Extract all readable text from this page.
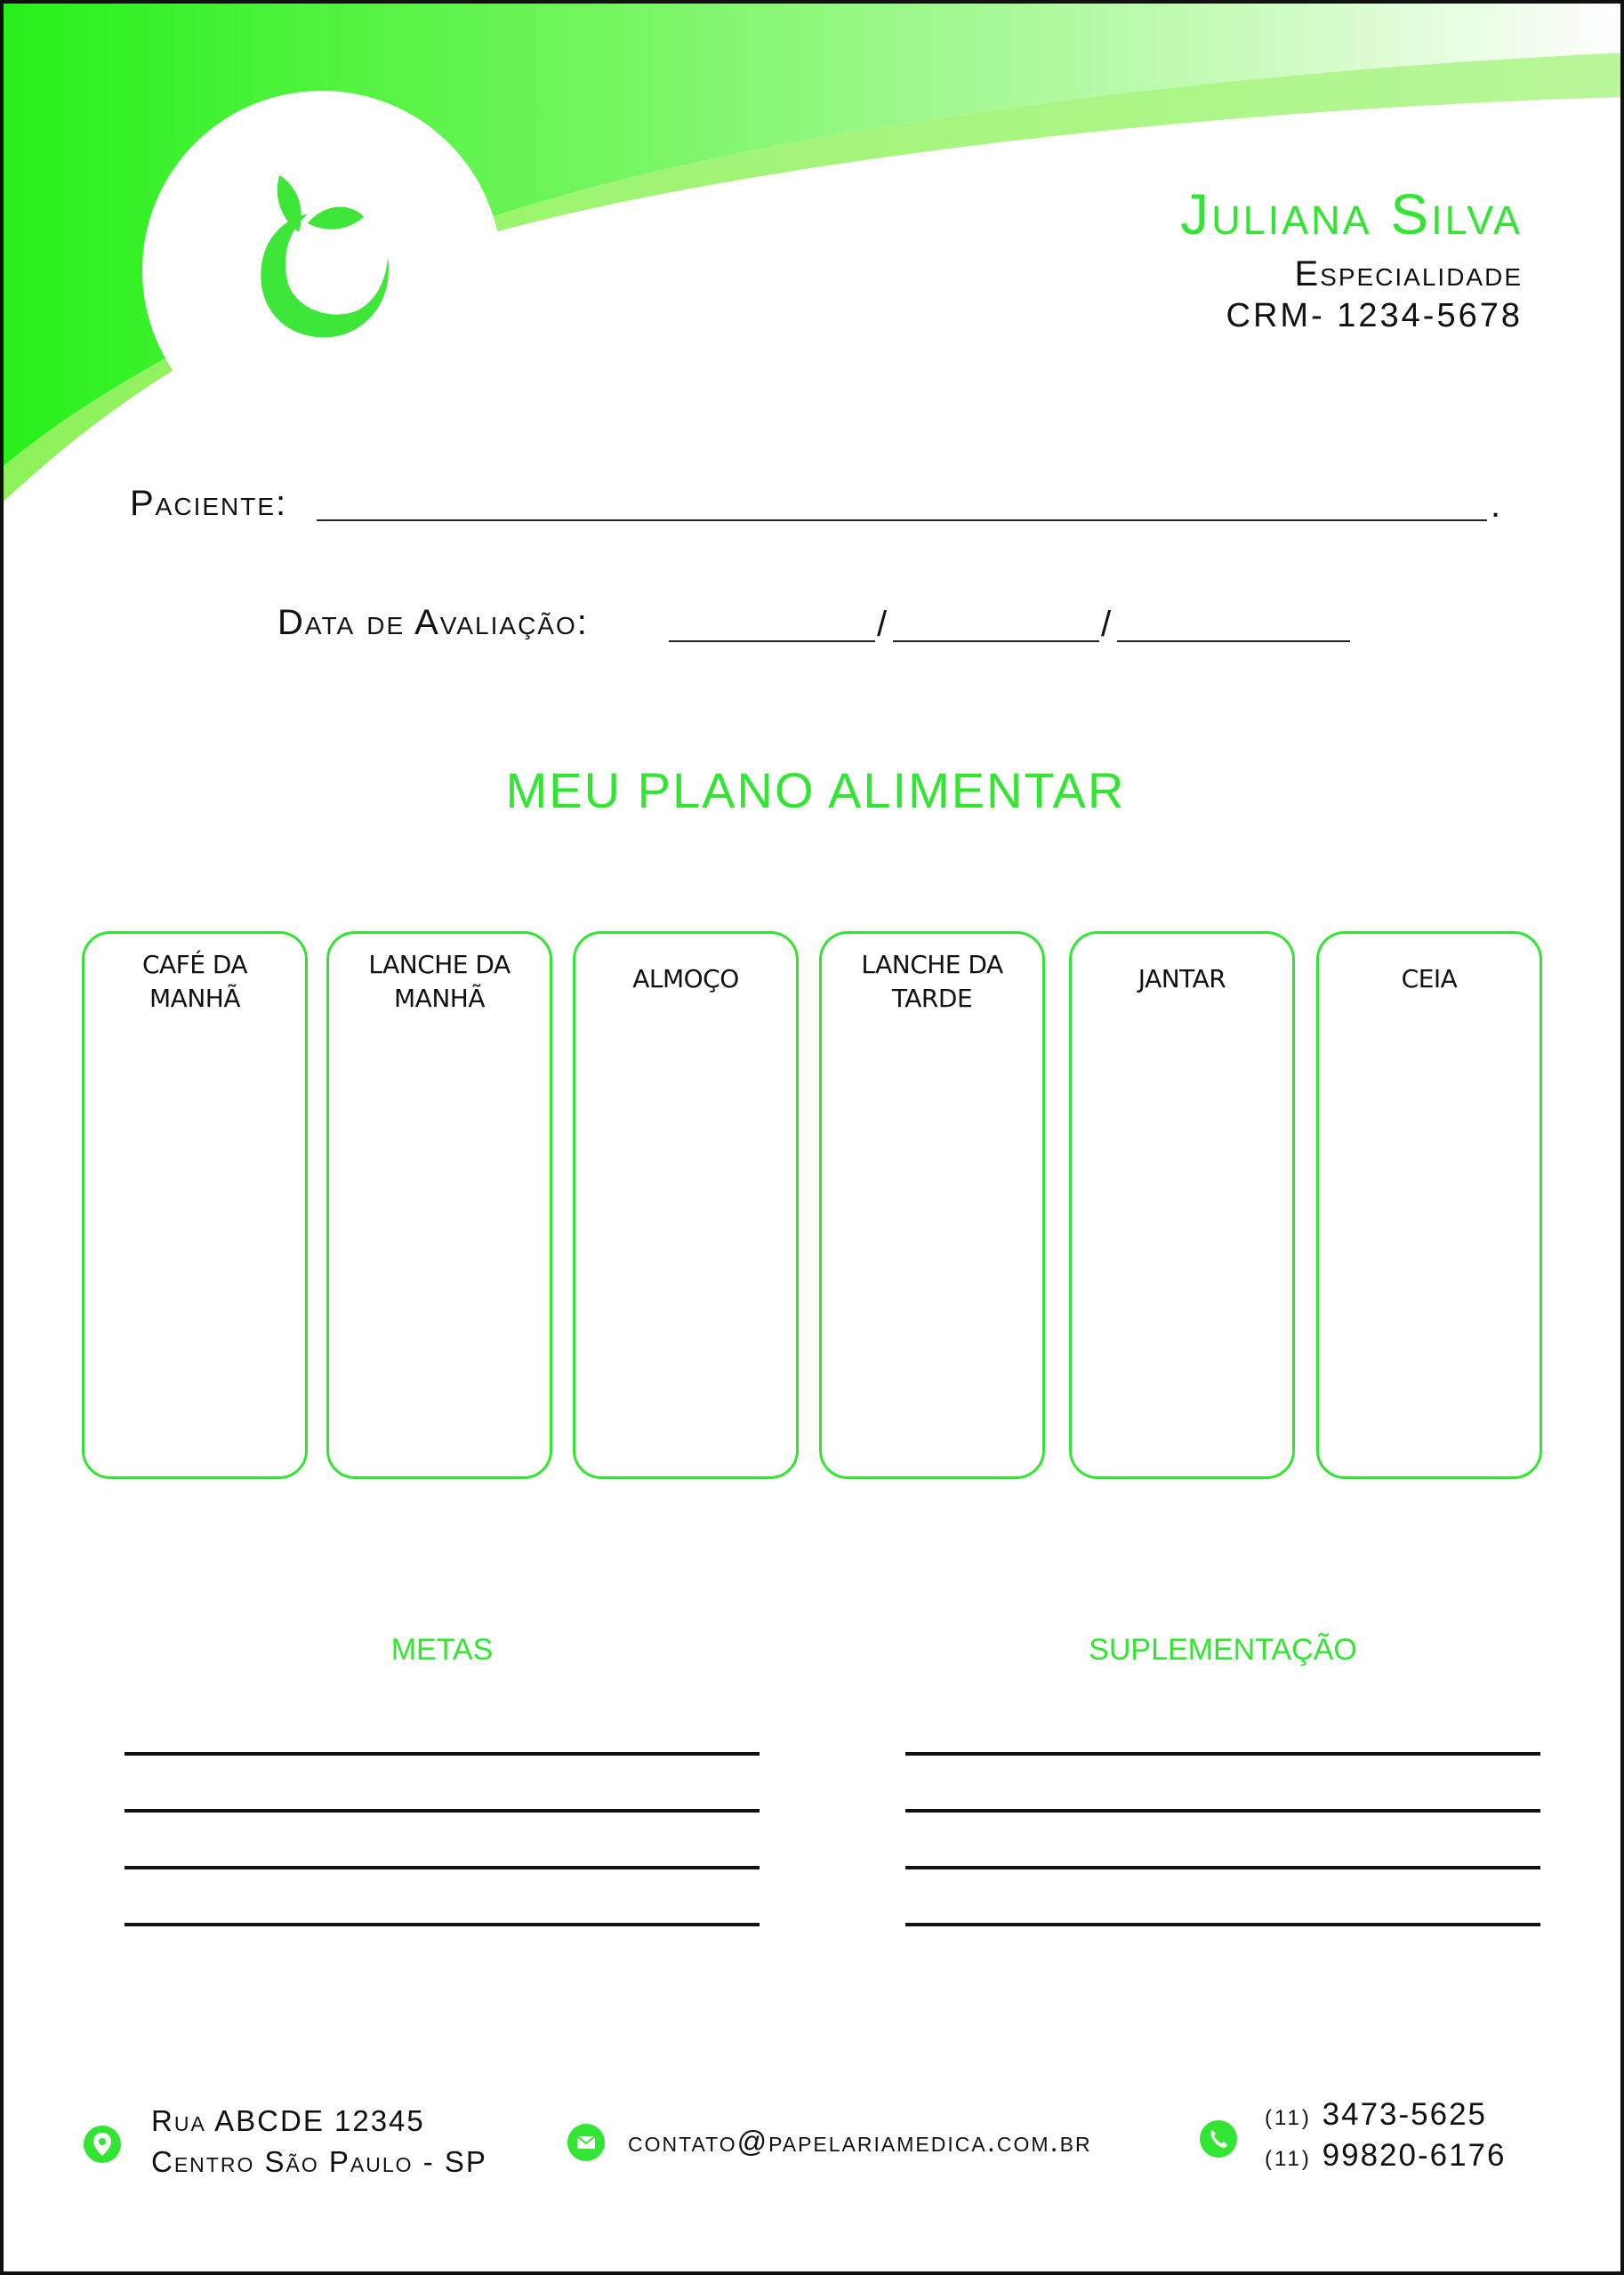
Juliana Silva
Especialidade
CRM- 1234-5678
Paciente:	.
Data de Avaliação:	/	/
MEU PLANO ALIMENTAR
CAFÉ DA
MANHÃ
LANCHE DA
MANHÃ
ALMOÇO	LANCHE DA
TARDE
JANTAR	CEIA
METAS	SUPLEMENTAÇÃO
Rua ABCDE 12345
Centro São Paulo - SP
contato@papelariamedica.com.br
(11) 3473-5625
(11) 99820-6176
